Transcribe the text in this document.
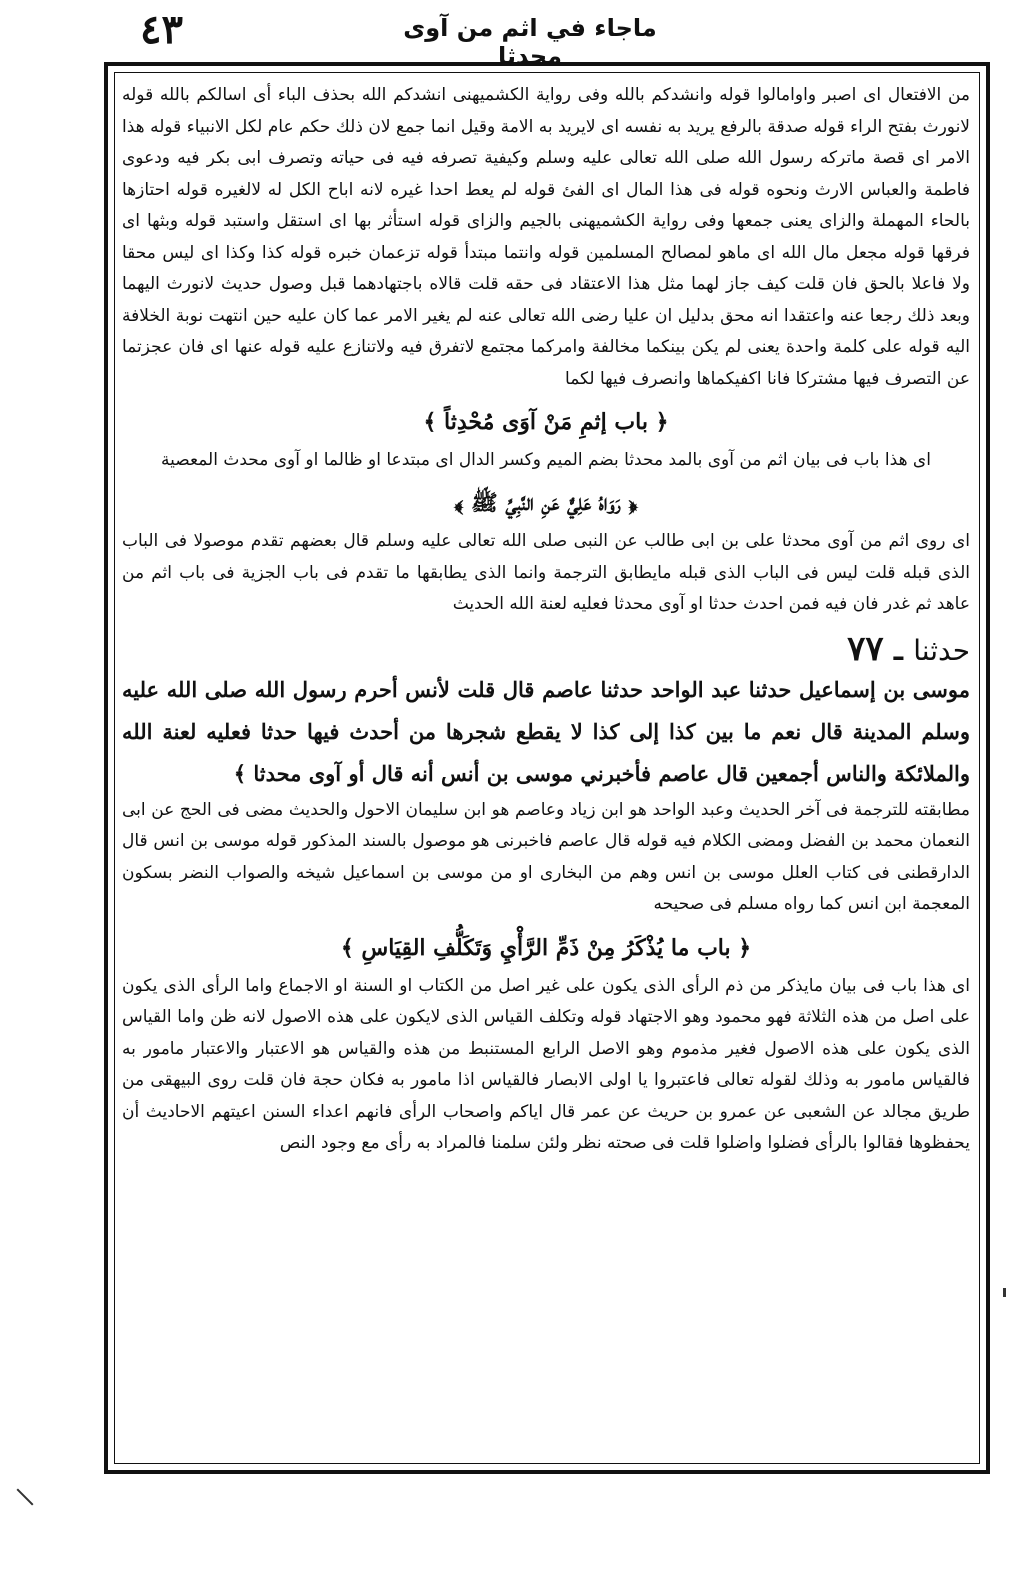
٤٣	ماجاء في اثم من آوى محدثا

من الافتعال اى اصبر واوامالوا قوله وانشدكم بالله وفى رواية الكشميهنى انشدكم الله بحذف الباء أى اسالكم بالله قوله لانورث بفتح الراء قوله صدقة بالرفع يريد به نفسه اى لايريد به الامة وقيل انما جمع لان ذلك حكم عام لكل الانبياء قوله هذا الامر اى قصة ماتركه رسول الله صلى الله تعالى عليه وسلم وكيفية تصرفه فيه فى حياته وتصرف ابى بكر فيه ودعوى فاطمة والعباس الارث ونحوه قوله فى هذا المال اى الفئ قوله لم يعط احدا غيره لانه اباح الكل له لالغيره قوله احتازها بالحاء المهملة والزاى يعنى جمعها وفى رواية الكشميهنى بالجيم والزاى قوله استأثر بها اى استقل واستبد قوله وبثها اى فرقها قوله مجعل مال الله اى ماهو لمصالح المسلمين قوله وانتما مبتدأ قوله تزعمان خبره قوله كذا وكذا اى ليس محقا ولا فاعلا بالحق فان قلت كيف جاز لهما مثل هذا الاعتقاد فى حقه قلت قالاه باجتهادهما قبل وصول حديث لانورث اليهما وبعد ذلك رجعا عنه واعتقدا انه محق بدليل ان عليا رضى الله تعالى عنه لم يغير الامر عما كان عليه حين انتهت نوبة الخلافة اليه قوله على كلمة واحدة يعنى لم يكن بينكما مخالفة وامركما مجتمع لاتفرق فيه ولاتنازع عليه قوله عنها اى فان عجزتما عن التصرف فيها مشتركا فانا اكفيكماها وانصرف فيها لكما

﴿ باب إثمِ مَنْ آوَى مُحْدِثاً ﴾
اى هذا باب فى بيان اثم من آوى بالمد محدثا بضم الميم وكسر الدال اى مبتدعا او ظالما او آوى محدث المعصية
﴿ رَوَاهُ عَلِيٌّ عَنِ النَّبِيِّ ﷺ ﴾

اى روى اثم من آوى محدثا على بن ابى طالب عن النبى صلى الله تعالى عليه وسلم قال بعضهم تقدم موصولا فى الباب الذى قبله قلت ليس فى الباب الذى قبله مايطابق الترجمة وانما الذى يطابقها ما تقدم فى باب الجزية فى باب اثم من عاهد ثم غدر فان فيه فمن احدث حدثا او آوى محدثا فعليه لعنة الله الحديث

حدثنا
ـ
٧٧

موسى بن إسماعيل حدثنا عبد الواحد حدثنا عاصم قال قلت لأنس أحرم رسول الله صلى الله عليه وسلم المدينة قال نعم ما بين كذا إلى كذا لا يقطع شجرها من أحدث فيها حدثا فعليه لعنة الله والملائكة والناس أجمعين قال عاصم فأخبرني موسى بن أنس أنه قال أو آوى محدثا ﴾

مطابقته للترجمة فى آخر الحديث وعبد الواحد هو ابن زياد وعاصم هو ابن سليمان الاحول والحديث مضى فى الحج عن ابى النعمان محمد بن الفضل ومضى الكلام فيه قوله قال عاصم فاخبرنى هو موصول بالسند المذكور قوله موسى بن انس قال الدارقطنى فى كتاب العلل موسى بن انس وهم من البخارى او من موسى بن اسماعيل شيخه والصواب النضر بسكون المعجمة ابن انس كما رواه مسلم فى صحيحه

﴿ باب ما يُذْكَرُ مِنْ ذَمِّ الرَّأْيِ وَتَكَلُّفِ القِيَاسِ ﴾

اى هذا باب فى بيان مايذكر من ذم الرأى الذى يكون على غير اصل من الكتاب او السنة او الاجماع واما الرأى الذى يكون على اصل من هذه الثلاثة فهو محمود وهو الاجتهاد قوله وتكلف القياس الذى لايكون على هذه الاصول لانه ظن واما القياس الذى يكون على هذه الاصول فغير مذموم وهو الاصل الرابع المستنبط من هذه والقياس هو الاعتبار والاعتبار مامور به فالقياس مامور به وذلك لقوله تعالى فاعتبروا يا اولى الابصار فالقياس اذا مامور به فكان حجة فان قلت روى البيهقى من طريق مجالد عن الشعبى عن عمرو بن حريث عن عمر قال اياكم واصحاب الرأى فانهم اعداء السنن اعيتهم الاحاديث أن يحفظوها فقالوا بالرأى فضلوا واضلوا قلت فى صحته نظر ولئن سلمنا فالمراد به رأى مع وجود النص
